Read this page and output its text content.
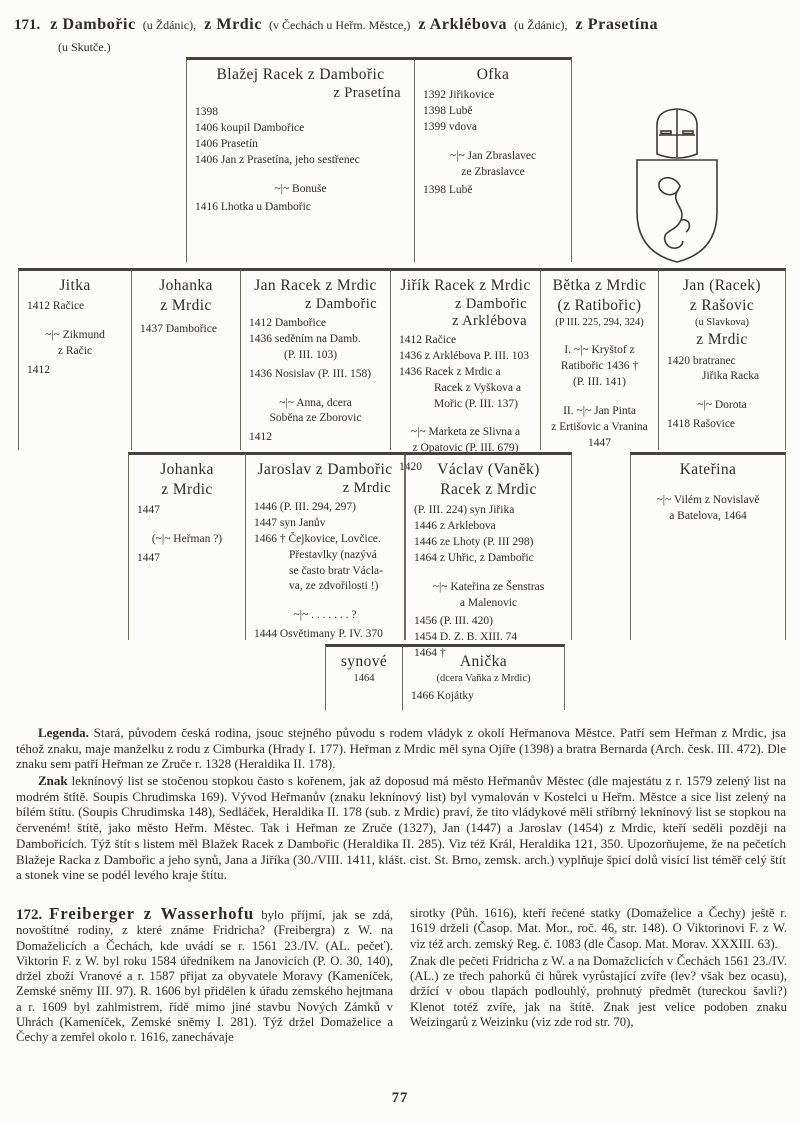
171. z Dambořic (u Ždánic), z Mrdic (v Čechách u Heřm. Městce,) z Arklébova (u Ždánic), z Prasetína
(u Skutče.)
Blažej Racek z Dambořic
z Prasetína
1398
1406 koupil Dambořice
1406 Prasetín
1406 Jan z Prasetína, jeho sestřenec
~|~ Bonuše
1416 Lhotka u Dambořic
Ofka
1392 Jiřikovice
1398 Lubě
1399 vdova
~|~ Jan Zbraslavec
ze Zbraslavce
1398 Lubě
Jitka
1412 Račice
~|~ Zikmund
z Račic
1412
Johanka
z Mrdic
1437 Dambořice
Jan Racek z Mrdic
z Dambořic
1412 Dambořice
1436 seděním na Damb.
(P. III. 103)
1436 Nosislav (P. III. 158)
~|~ Anna, dcera
Soběna ze Zborovic
1412
Jiřík Racek z Mrdic
z Dambořic
z Arklébova
1412 Račice
1436 z Arklébova P. III. 103
1436 Racek z Mrdic a
Racek z Vyškova a
Mořic (P. III. 137)
~|~ Marketa ze Slivna a
z Opatovic (P. III. 679)
1420
Bětka z Mrdic
(z Ratibořic)
(P III. 225, 294, 324)
I. ~|~ Kryštof z
Ratibořic 1436 †
(P. III. 141)
II. ~|~ Jan Pinta
z Ertišovic a Vranina
1447
Jan (Racek)
z Rašovic
(u Slavkova)
z Mrdic
1420 bratranec
Jiřika Racka
~|~ Dorota
1418 Rašovice
Johanka
z Mrdic
1447
(~|~ Heřman ?)
1447
Jaroslav z Dambořic
z Mrdic
1446 (P. III. 294, 297)
1447 syn Janův
1466 † Čejkovice, Lovčice.
Přestavlky (nazývá
se často bratr Václa-
va, ze zdvořilosti !)
~|~ . . . . . . . ?
1444 Osvětimany P. IV. 370
Václav (Vaněk)
Racek z Mrdic
(P. III. 224) syn Jiřika
1446 z Arklebova
1446 ze Lhoty (P. III 298)
1464 z Uhřic, z Dambořic
~|~ Kateřina ze Šenstras
a Malenovic
1456 (P. III. 420)
1454 D. Z. B. XIII. 74
1464 †
Kateřina
~|~ Vilém z Novislavě
a Batelova, 1464
synové
1464
Anička
(dcera Vaňka z Mrdic)
1466 Kojátky

Legenda. Stará, původem česká rodina, jsouc stejného původu s rodem vládyk z okolí Heřmanova Městce. Patří sem Heřman z Mrdic, jsa téhož znaku, maje manželku z rodu z Cimburka (Hrady I. 177). Heřman z Mrdic měl syna Ojíře (1398) a bratra Bernarda (Arch. česk. III. 472). Dle znaku sem patří Heřman ze Zruče r. 1328 (Heraldika II. 178).

Znak leknínový list se stočenou stopkou často s kořenem, jak až doposud má město Heřmanův Městec (dle majestátu z r. 1579 zelený list na modrém štítě. Soupis Chrudimska 169). Vývod Heřmanův (znaku leknínový list) byl vymalován v Kostelci u Heřm. Městce a sice list zelený na bílém štítu. (Soupis Chrudimska 148), Sedláček, Heraldika II. 178 (sub. z Mrdic) praví, že tito vládykové měli stříbrný leknínový list se stopkou na červeném! štítě, jako město Heřm. Městec. Tak i Heřman ze Zruče (1327), Jan (1447) a Jaroslav (1454) z Mrdic, kteří seděli později na Dambořicích. Týž štít s listem měl Blažek Racek z Dambořic (Heraldika II. 285). Viz též Král, Heraldika 121, 350. Upozorňujeme, že na pečetích Blažeje Racka z Dambořic a jeho synů, Jana a Jiříka (30./VIII. 1411, klášt. cist. St. Brno, zemsk. arch.) vyplňuje špicí dolů visící list téměř celý štít a stonek vine se podél levého kraje štítu.

172. Freiberger z Wasserhofu bylo příjmí, jak se zdá, novoštítné rodiny, z které známe Fridricha? (Freibergra) z W. na Domaželicích a Čechách, kde uvádí se r. 1561 23./IV. (AL. pečeť). Viktorin F. z W. byl roku 1584 úředníkem na Janovicích (P. O. 30, 140), držel zboží Vranové a r. 1587 přijat za obyvatele Moravy (Kameníček, Zemské sněmy III. 97). R. 1606 byl přidělen k úřadu zemského hejtmana a r. 1609 byl zahlmistrem, řídě mimo jiné stavbu Nových Zámků v Uhrách (Kameníček, Zemské sněmy I. 281). Týž držel Domaželice a Čechy a zemřel okolo r. 1616, zanechávaje

sirotky (Půh. 1616), kteří řečené statky (Domaželice a Čechy) ještě r. 1619 drželi (Časop. Mat. Mor., roč. 46, str. 148). O Viktorinovi F. z W. viz též arch. zemský Reg. č. 1083 (dle Časop. Mat. Morav. XXXIII. 63).

Znak dle pečeti Fridricha z W. a na Domažclicích v Čechách 1561 23./IV. (AL.) ze třech pahorků či hůrek vyrůstající zvíře (lev? však bez ocasu), držící v obou tlapách podlouhlý, prohnutý předmět (tureckou šavli?) Klenot totéž zvíře, jak na štítě. Znak jest velice podoben znaku Weizingarů z Weizinku (viz zde rod str. 70),

77
